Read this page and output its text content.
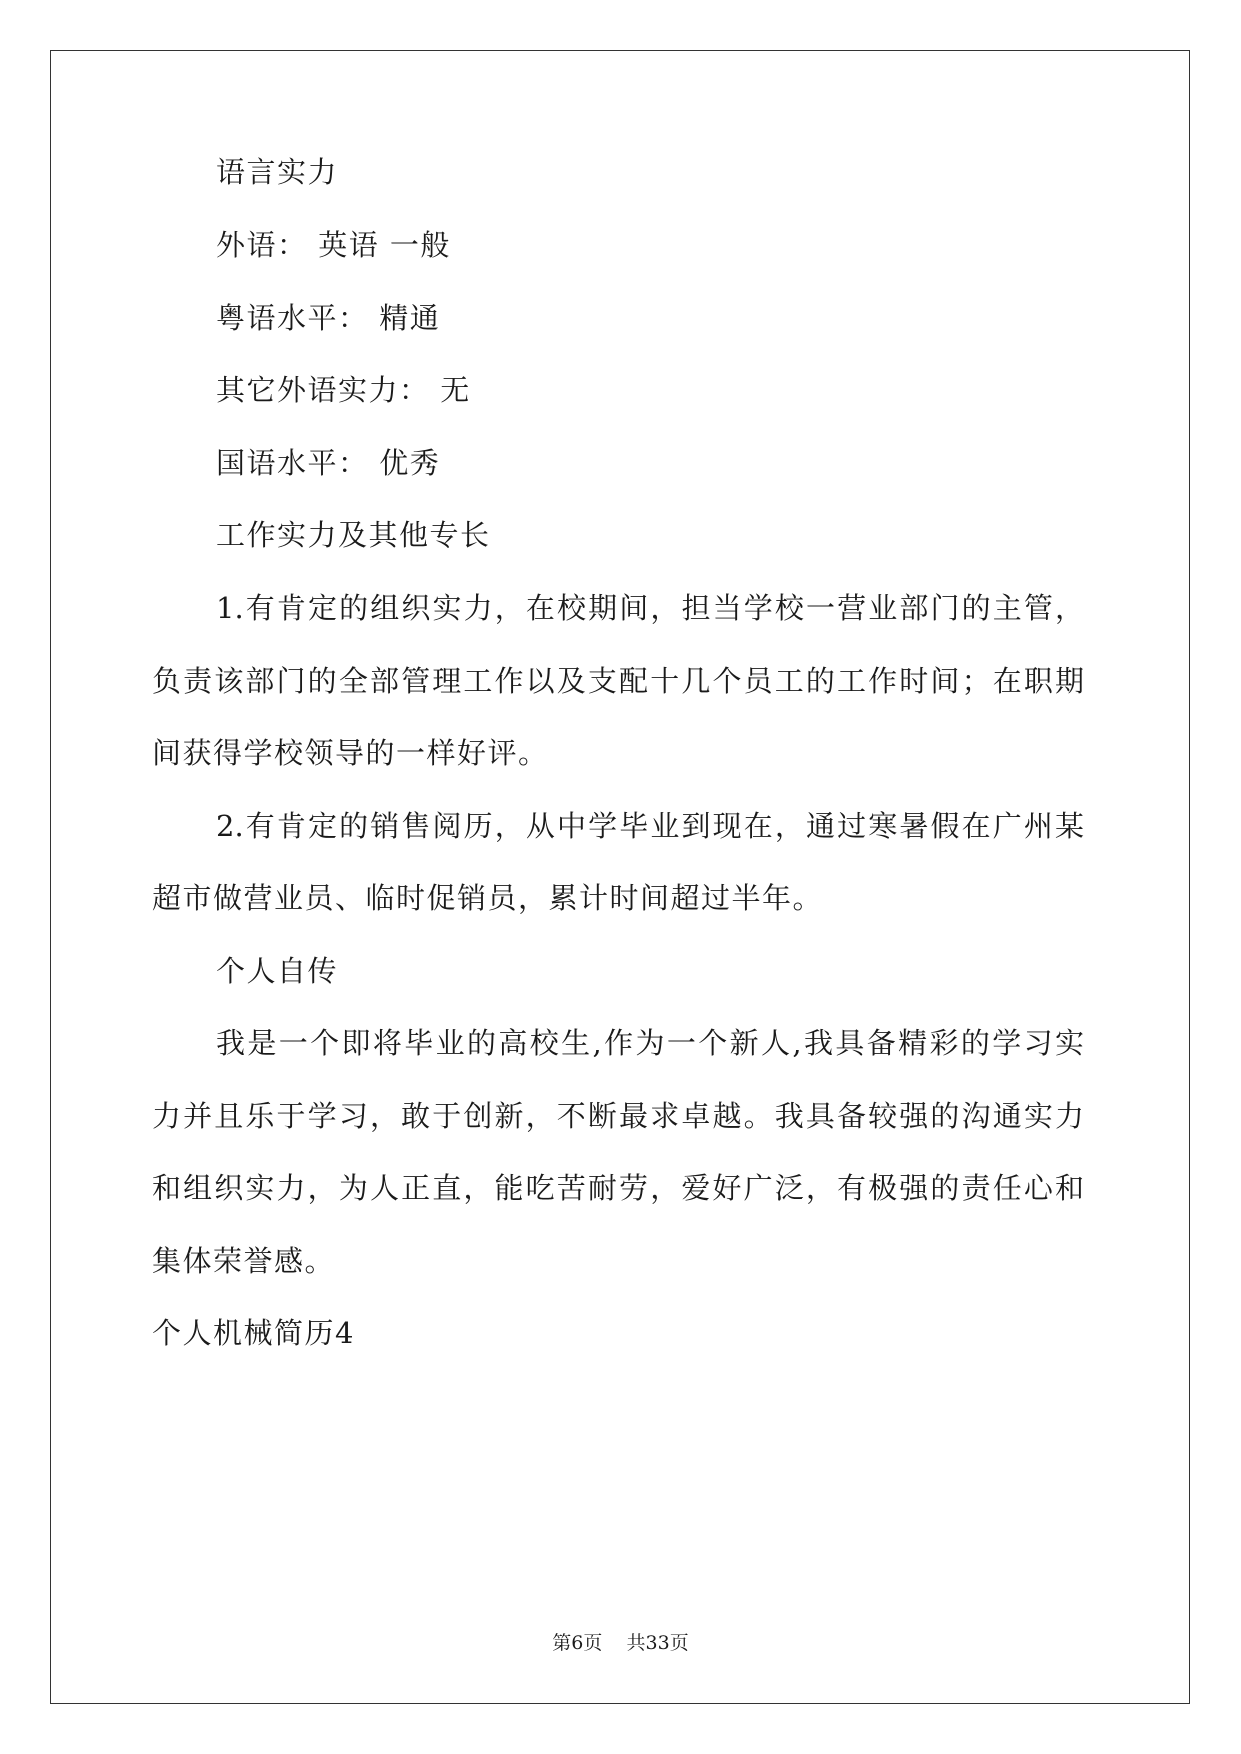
语言实力

外语： 英语 一般

粤语水平： 精通

其它外语实力： 无

国语水平： 优秀

工作实力及其他专长

1.有肯定的组织实力，在校期间，担当学校一营业部门的主管，

负责该部门的全部管理工作以及支配十几个员工的工作时间；在职期

间获得学校领导的一样好评。

2.有肯定的销售阅历，从中学毕业到现在，通过寒暑假在广州某

超市做营业员、临时促销员，累计时间超过半年。

个人自传

我是一个即将毕业的高校生,作为一个新人,我具备精彩的学习实

力并且乐于学习，敢于创新，不断最求卓越。我具备较强的沟通实力

和组织实力，为人正直，能吃苦耐劳，爱好广泛，有极强的责任心和

集体荣誉感。

个人机械简历4

第6页 共33页
